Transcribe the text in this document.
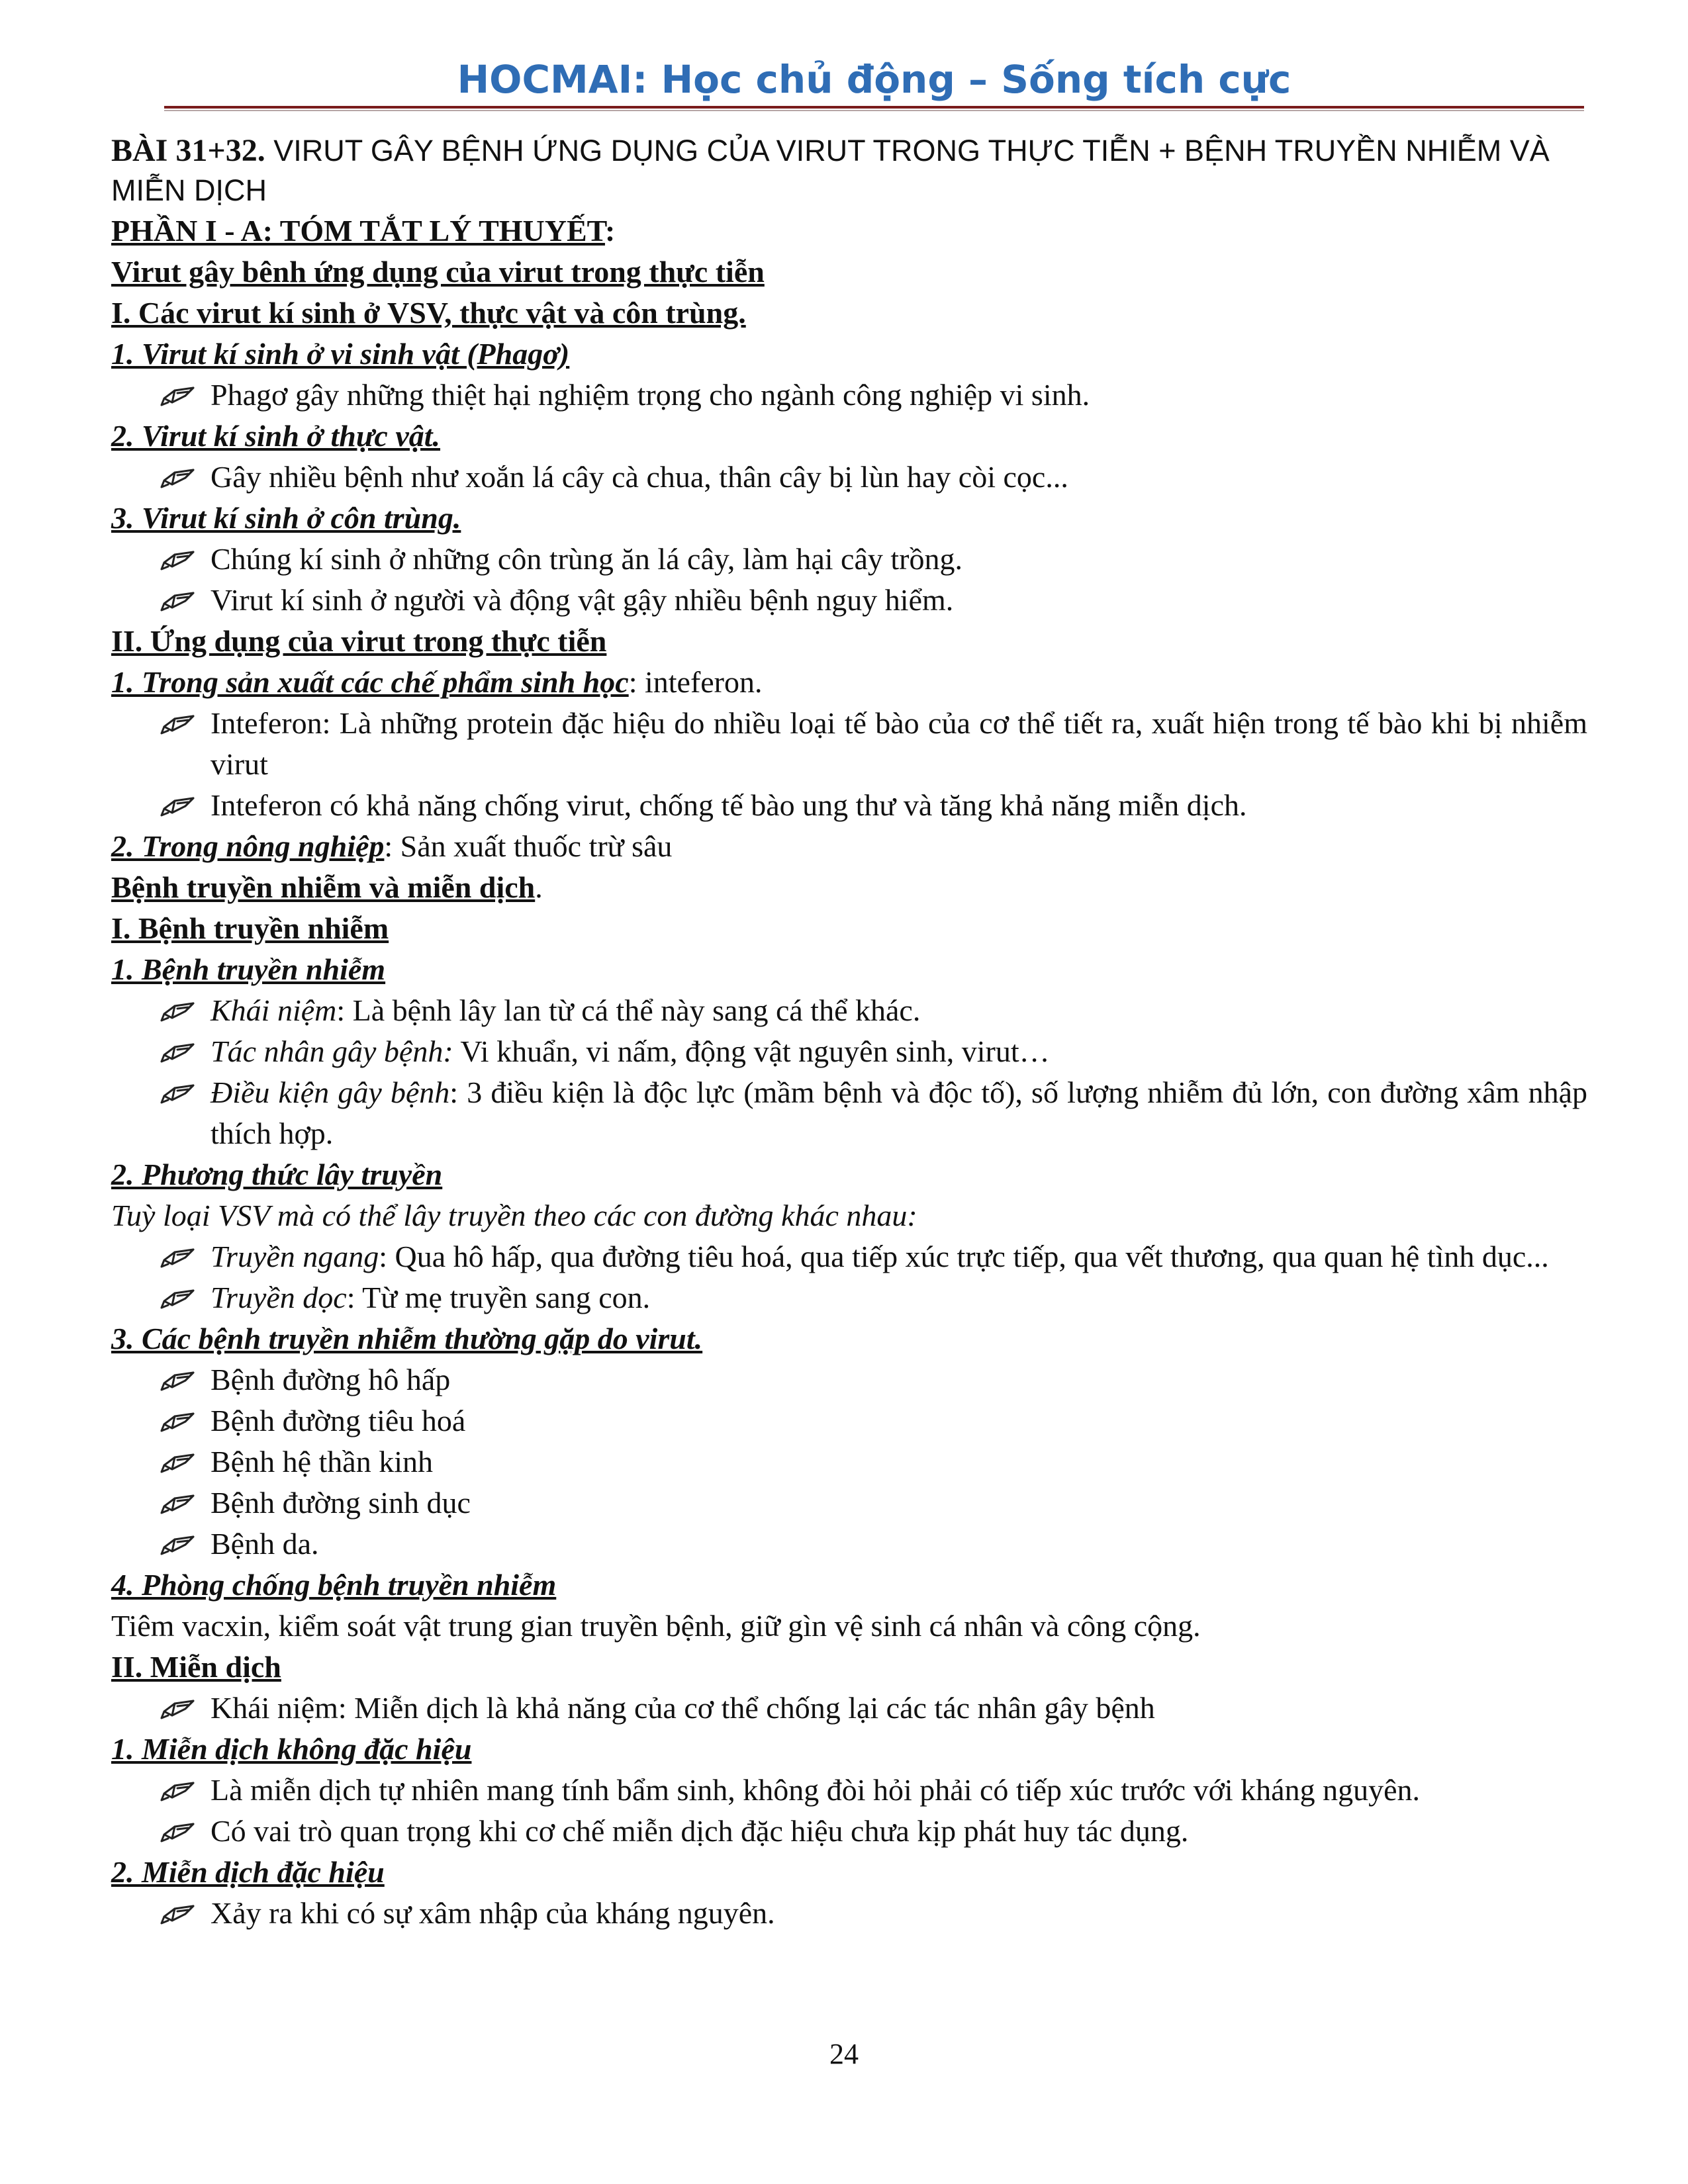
HOCMAI: Học chủ động – Sống tích cực

BÀI 31+32. VIRUT GÂY BỆNH ỨNG DỤNG CỦA VIRUT TRONG THỰC TIỄN + BỆNH TRUYỀN NHIỄM VÀ MIỄN DỊCH

PHẦN I - A: TÓM TẮT LÝ THUYẾT:

Virut gây bênh ứng dụng của virut trong thực tiễn

I. Các virut kí sinh ở VSV, thực vật và côn trùng.

1. Virut kí sinh ở vi sinh vật (Phagơ)

Phagơ gây những thiệt hại nghiệm trọng cho ngành công nghiệp vi sinh.

2. Virut kí sinh ở thực vật.

Gây nhiều bệnh như xoắn lá cây cà chua, thân cây bị lùn hay còi cọc...

3. Virut kí sinh ở côn trùng.

Chúng kí sinh ở những côn trùng ăn lá cây, làm hại cây trồng.

Virut kí sinh ở người và động vật gậy nhiều bệnh nguy hiểm.

II. Ứng dụng của virut trong thực tiễn

1. Trong sản xuất các chế phẩm sinh học: inteferon.

Inteferon: Là những protein đặc hiệu do nhiều loại tế bào của cơ thể tiết ra, xuất hiện trong tế bào khi bị nhiễm virut

Inteferon có khả năng chống virut, chống tế bào ung thư và tăng khả năng miễn dịch.

2. Trong nông nghiệp: Sản xuất thuốc trừ sâu

Bệnh truyền nhiễm và miễn dịch.

I. Bệnh truyền nhiễm

1. Bệnh truyền nhiễm

Khái niệm: Là bệnh lây lan từ cá thể này sang cá thể khác.

Tác nhân gây bệnh: Vi khuẩn, vi nấm, động vật nguyên sinh, virut…

Điều kiện gây bệnh: 3 điều kiện là độc lực (mầm bệnh và độc tố), số lượng nhiễm đủ lớn, con đường xâm nhập thích hợp.

2. Phương thức lây truyền

Tuỳ loại VSV mà có thể lây truyền theo các con đường khác nhau:

Truyền ngang: Qua hô hấp, qua đường tiêu hoá, qua tiếp xúc trực tiếp, qua vết thương, qua quan hệ tình dục...

Truyền dọc: Từ mẹ truyền sang con.

3. Các bệnh truyền nhiễm thường gặp do virut.

Bệnh đường hô hấp

Bệnh đường tiêu hoá

Bệnh hệ thần kinh

Bệnh đường sinh dục

Bệnh da.

4. Phòng chống bệnh truyền nhiễm

Tiêm vacxin, kiểm soát vật trung gian truyền bệnh, giữ gìn vệ sinh cá nhân và công cộng.

II. Miễn dịch

Khái niệm: Miễn dịch là khả năng của cơ thể chống lại các tác nhân gây bệnh

1. Miễn dịch không đặc hiệu

Là miễn dịch tự nhiên mang tính bẩm sinh, không đòi hỏi phải có tiếp xúc trước với kháng nguyên.

Có vai trò quan trọng khi cơ chế miễn dịch đặc hiệu chưa kịp phát huy tác dụng.

2. Miễn dịch đặc hiệu

Xảy ra khi có sự xâm nhập của kháng nguyên.

24
